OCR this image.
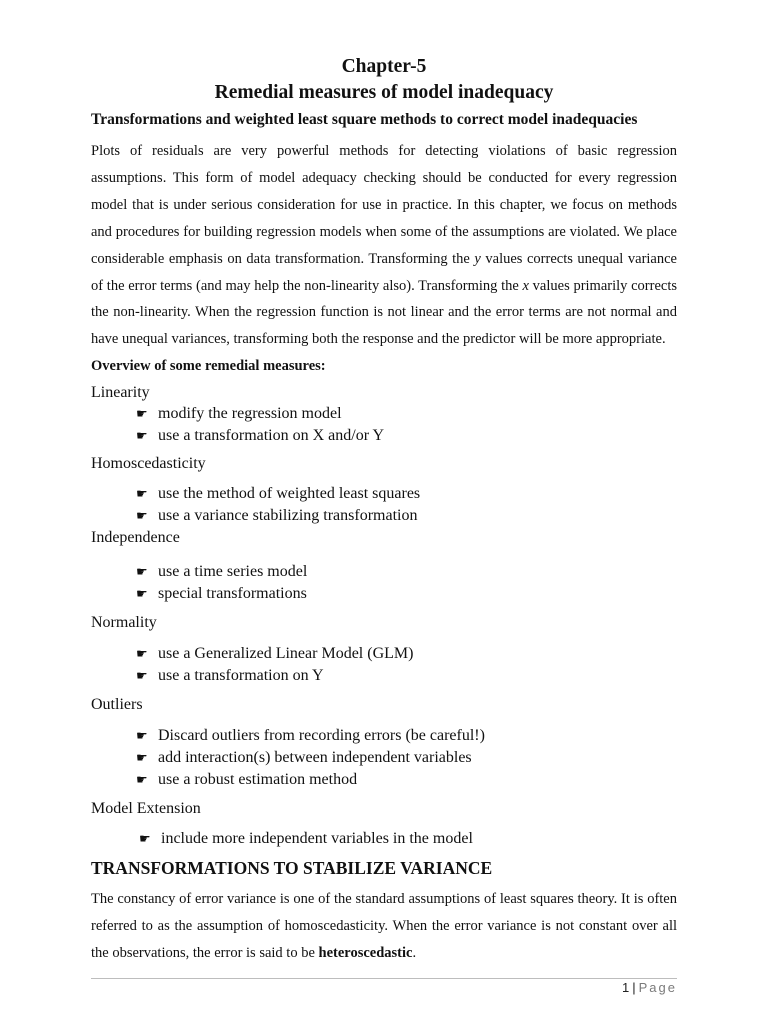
Chapter-5
Remedial measures of model inadequacy
Transformations and weighted least square methods to correct model inadequacies

Plots of residuals are very powerful methods for detecting violations of basic regression assumptions. This form of model adequacy checking should be conducted for every regression model that is under serious consideration for use in practice. In this chapter, we focus on methods and procedures for building regression models when some of the assumptions are violated. We place considerable emphasis on data transformation. Transforming the y values corrects unequal variance of the error terms (and may help the non-linearity also). Transforming the x values primarily corrects the non-linearity. When the regression function is not linear and the error terms are not normal and have unequal variances, transforming both the response and the predictor will be more appropriate.

Overview of some remedial measures:
Linearity
☛ modify the regression model
☛ use a transformation on X and/or Y
Homoscedasticity
☛ use the method of weighted least squares
☛ use a variance stabilizing transformation
Independence
☛ use a time series model
☛ special transformations
Normality
☛ use a Generalized Linear Model (GLM)
☛ use a transformation on Y
Outliers
☛ Discard outliers from recording errors (be careful!)
☛ add interaction(s) between independent variables
☛ use a robust estimation method
Model Extension
☛ include more independent variables in the model
TRANSFORMATIONS TO STABILIZE VARIANCE

The constancy of error variance is one of the standard assumptions of least squares theory. It is often referred to as the assumption of homoscedasticity. When the error variance is not constant over all the observations, the error is said to be heteroscedastic.

1 | Page
